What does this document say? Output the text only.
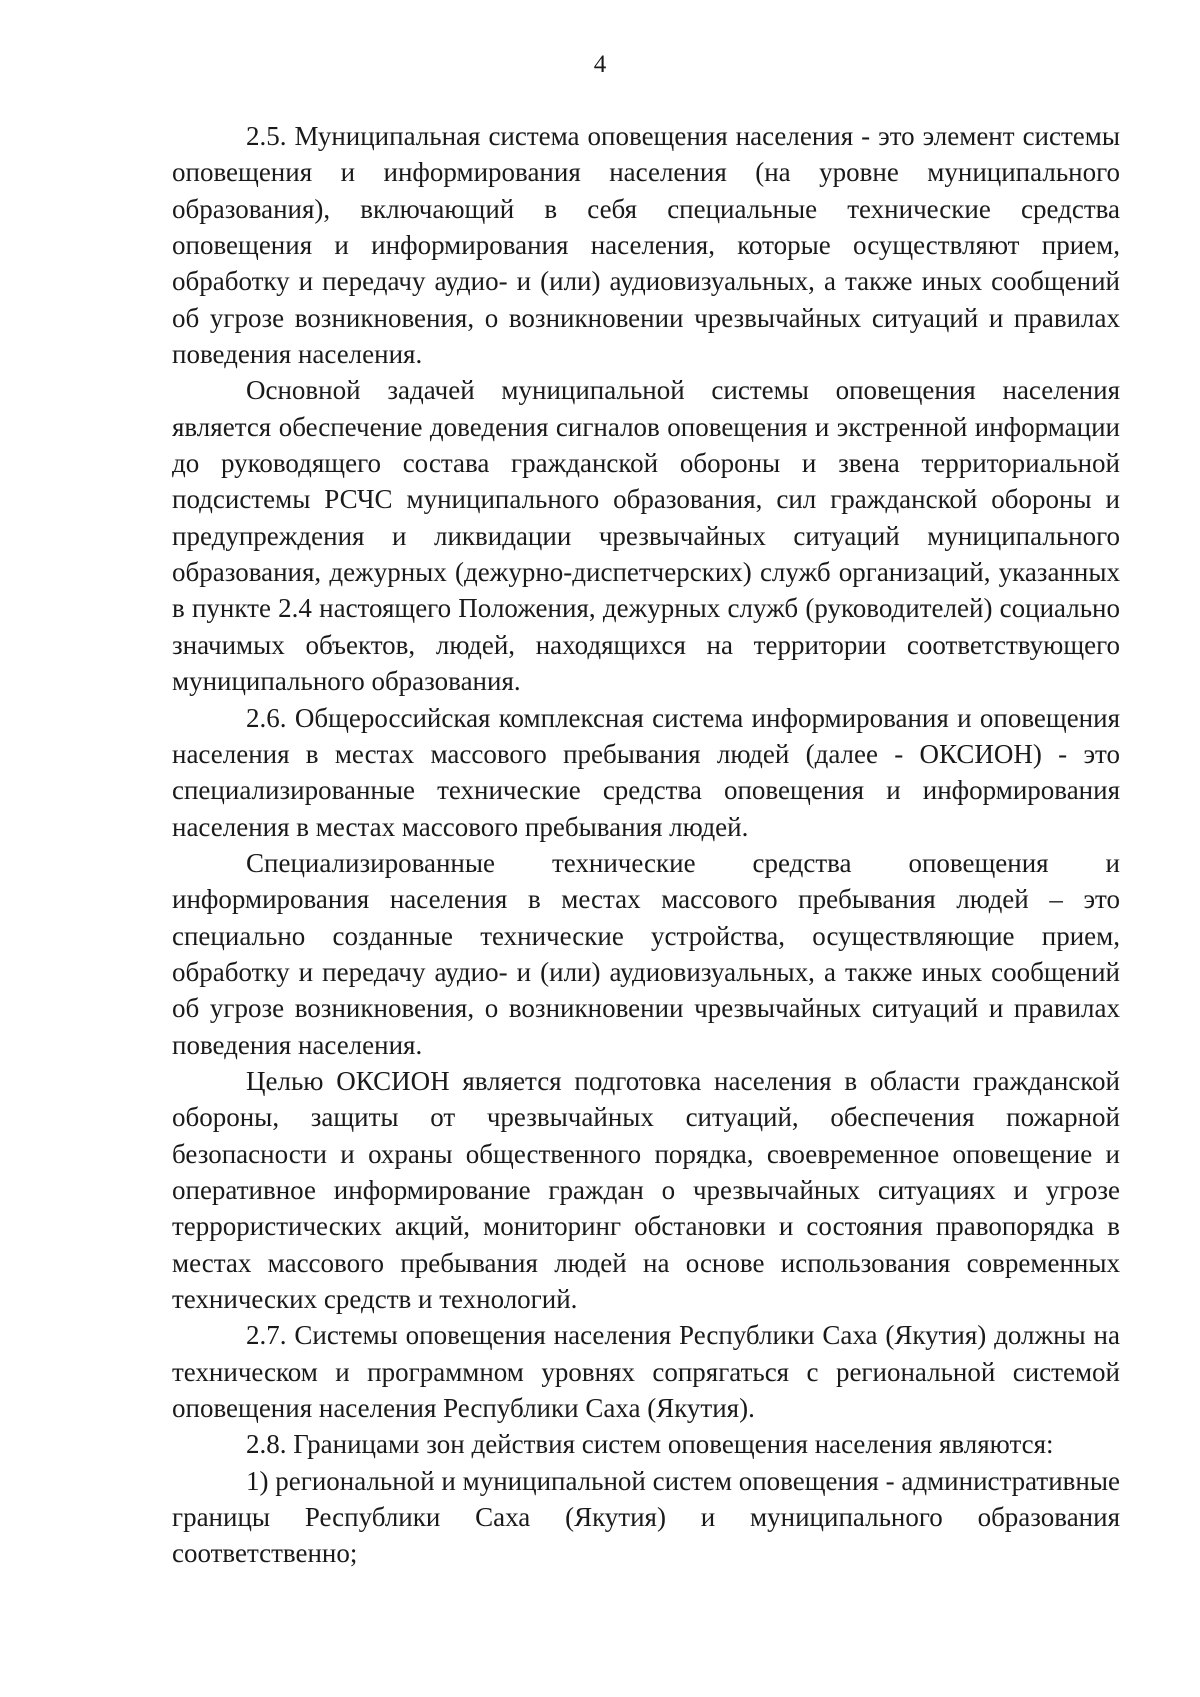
4

2.5. Муниципальная система оповещения населения - это элемент системы оповещения и информирования населения (на уровне муниципального образования), включающий в себя специальные технические средства оповещения и информирования населения, которые осуществляют прием, обработку и передачу аудио- и (или) аудиовизуальных, а также иных сообщений об угрозе возникновения, о возникновении чрезвычайных ситуаций и правилах поведения населения.

Основной задачей муниципальной системы оповещения населения является обеспечение доведения сигналов оповещения и экстренной информации до руководящего состава гражданской обороны и звена территориальной подсистемы РСЧС муниципального образования, сил гражданской обороны и предупреждения и ликвидации чрезвычайных ситуаций муниципального образования, дежурных (дежурно-диспетчерских) служб организаций, указанных в пункте 2.4 настоящего Положения, дежурных служб (руководителей) социально значимых объектов, людей, находящихся на территории соответствующего муниципального образования.

2.6. Общероссийская комплексная система информирования и оповещения населения в местах массового пребывания людей (далее - ОКСИОН) - это специализированные технические средства оповещения и информирования населения в местах массового пребывания людей.

Специализированные технические средства оповещения и информирования населения в местах массового пребывания людей – это специально созданные технические устройства, осуществляющие прием, обработку и передачу аудио- и (или) аудиовизуальных, а также иных сообщений об угрозе возникновения, о возникновении чрезвычайных ситуаций и правилах поведения населения.

Целью ОКСИОН является подготовка населения в области гражданской обороны, защиты от чрезвычайных ситуаций, обеспечения пожарной безопасности и охраны общественного порядка, своевременное оповещение и оперативное информирование граждан о чрезвычайных ситуациях и угрозе террористических акций, мониторинг обстановки и состояния правопорядка в местах массового пребывания людей на основе использования современных технических средств и технологий.

2.7. Системы оповещения населения Республики Саха (Якутия) должны на техническом и программном уровнях сопрягаться с региональной системой оповещения населения Республики Саха (Якутия).

2.8. Границами зон действия систем оповещения населения являются:

1) региональной и муниципальной систем оповещения - административные границы Республики Саха (Якутия) и муниципального образования соответственно;
